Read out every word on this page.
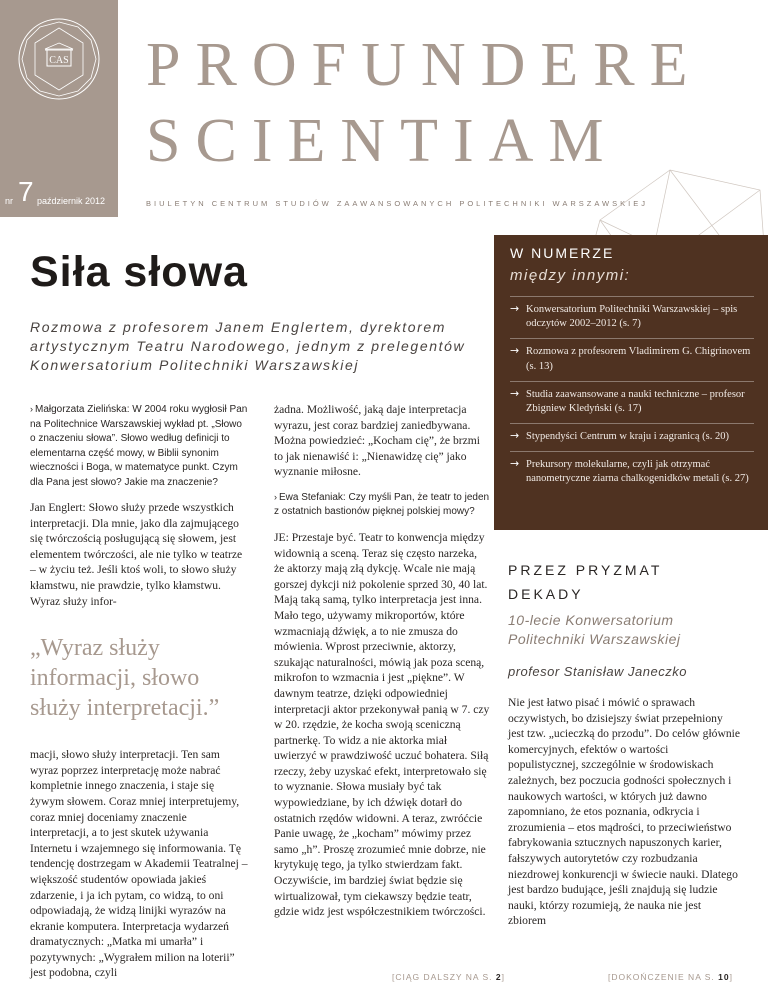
CAS
nr 7 październik 2012
PROFUNDERE
SCIENTIAM
BIULETYN CENTRUM STUDIÓW ZAAWANSOWANYCH POLITECHNIKI WARSZAWSKIEJ
W NUMERZE
między innymi:
→ Konwersatorium Politechniki Warszawskiej – spis odczytów 2002–2012 (s. 7)
→ Rozmowa z profesorem Vladimirem G. Chigrinovem (s. 13)
→ Studia zaawansowane a nauki techniczne – profesor Zbigniew Kledyński (s. 17)
→ Stypendyści Centrum w kraju i zagranicą (s. 20)
→ Prekursory molekularne, czyli jak otrzymać nanometryczne ziarna chalkogenidków metali (s. 27)
Siła słowa
Rozmowa z profesorem Janem Englertem, dyrektorem artystycznym Teatru Narodowego, jednym z prelegentów Konwersatorium Politechniki Warszawskiej
› Małgorzata Zielińska: W 2004 roku wygłosił Pan na Politechnice Warszawskiej wykład pt. „Słowo o znaczeniu słowa”. Słowo według definicji to elementarna część mowy, w Biblii synonim wieczności i Boga, w matematyce punkt. Czym dla Pana jest słowo? Jakie ma znaczenie?

Jan Englert: Słowo służy przede wszystkich interpretacji. Dla mnie, jako dla zajmującego się twórczością posługującą się słowem, jest elementem twórczości, ale nie tylko w teatrze – w życiu też. Jeśli ktoś woli, to słowo służy kłamstwu, nie prawdzie, tylko kłamstwu. Wyraz służy infor-

„Wyraz służy informacji, słowo służy interpretacji.”

macji, słowo służy interpretacji. Ten sam wyraz poprzez interpretację może nabrać kompletnie innego znaczenia, i staje się żywym słowem. Coraz mniej interpretujemy, coraz mniej doceniamy znaczenie interpretacji, a to jest skutek używania Internetu i wzajemnego się informowania. Tę tendencję dostrzegam w Akademii Teatralnej – większość studentów opowiada jakieś zdarzenie, i ja ich pytam, co widzą, to oni odpowiadają, że widzą linijki wyrazów na ekranie komputera. Interpretacja wydarzeń dramatycznych: „Matka mi umarła” i pozytywnych: „Wygrałem milion na loterii” jest podobna, czyli

żadna. Możliwość, jaką daje interpretacja wyrazu, jest coraz bardziej zaniedbywana. Można powiedzieć: „Kocham cię”, że brzmi to jak nienawiść i: „Nienawidzę cię” jako wyznanie miłosne.

› Ewa Stefaniak: Czy myśli Pan, że teatr to jeden z ostatnich bastionów pięknej polskiej mowy?

JE: Przestaje być. Teatr to konwencja między widownią a sceną. Teraz się często narzeka, że aktorzy mają złą dykcję. Wcale nie mają gorszej dykcji niż pokolenie sprzed 30, 40 lat. Mają taką samą, tylko interpretacja jest inna. Mało tego, używamy mikroportów, które wzmacniają dźwięk, a to nie zmusza do mówienia. Wprost przeciwnie, aktorzy, szukając naturalności, mówią jak poza sceną, mikrofon to wzmacnia i jest „piękne”. W dawnym teatrze, dzięki odpowiedniej interpretacji aktor przekonywał panią w 7. czy w 20. rzędzie, że kocha swoją sceniczną partnerkę. To widz a nie aktorka miał uwierzyć w prawdziwość uczuć bohatera. Siłą rzeczy, żeby uzyskać efekt, interpretowało się to wyznanie. Słowa musiały być tak wypowiedziane, by ich dźwięk dotarł do ostatnich rzędów widowni. A teraz, zwróćcie Panie uwagę, że „kocham” mówimy przez samo „h”. Proszę zrozumieć mnie dobrze, nie krytykuję tego, ja tylko stwierdzam fakt. Oczywiście, im bardziej świat będzie się wirtualizował, tym ciekawszy będzie teatr, gdzie widz jest współczestnikiem twórczości.

[CIĄG DALSZY NA S. 2]
PRZEZ PRYZMAT
DEKADY
10-lecie Konwersatorium
Politechniki Warszawskiej
profesor Stanisław Janeczko

Nie jest łatwo pisać i mówić o sprawach oczywistych, bo dzisiejszy świat przepełniony jest tzw. „ucieczką do przodu”. Do celów głównie komercyjnych, efektów o wartości populistycznej, szczególnie w środowiskach zależnych, bez poczucia godności społecznych i naukowych wartości, w których już dawno zapomniano, że etos poznania, odkrycia i zrozumienia – etos mądrości, to przeciwieństwo fabrykowania sztucznych napuszonych karier, fałszywych autorytetów czy rozbudzania niezdrowej konkurencji w świecie nauki. Dlatego jest bardzo budujące, jeśli znajdują się ludzie nauki, którzy rozumieją, że nauka nie jest zbiorem

[DOKOŃCZENIE NA S. 10]
